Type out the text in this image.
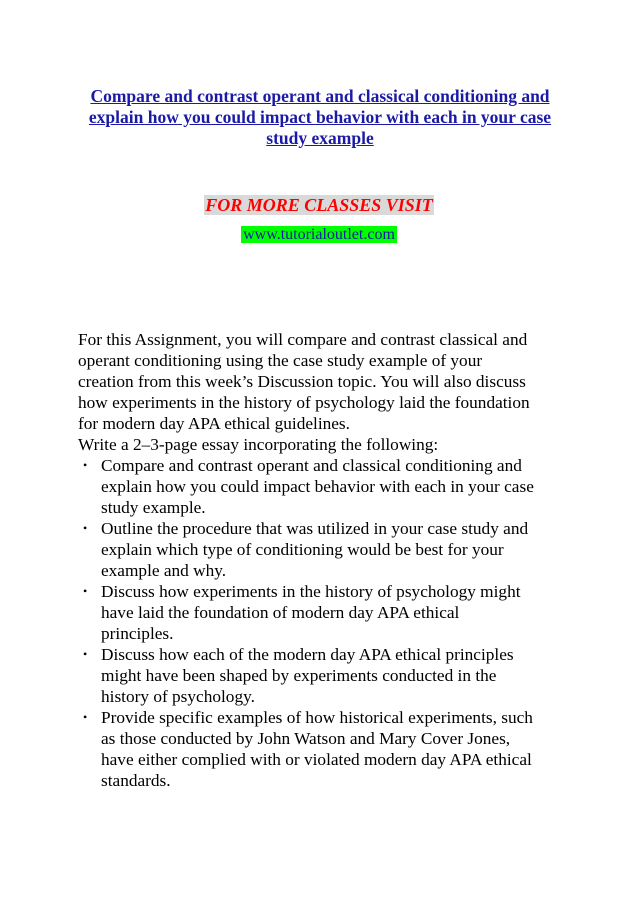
Compare and contrast operant and classical conditioning and
explain how you could impact behavior with each in your case
study example
FOR MORE CLASSES VISIT
www.tutorialoutlet.com
For this Assignment, you will compare and contrast classical and
operant conditioning using the case study example of your
creation from this week’s Discussion topic. You will also discuss
how experiments in the history of psychology laid the foundation
for modern day APA ethical guidelines.
Write a 2–3-page essay incorporating the following:
• Compare and contrast operant and classical conditioning and
explain how you could impact behavior with each in your case
study example.
• Outline the procedure that was utilized in your case study and
explain which type of conditioning would be best for your
example and why.
• Discuss how experiments in the history of psychology might
have laid the foundation of modern day APA ethical
principles.
• Discuss how each of the modern day APA ethical principles
might have been shaped by experiments conducted in the
history of psychology.
• Provide specific examples of how historical experiments, such
as those conducted by John Watson and Mary Cover Jones,
have either complied with or violated modern day APA ethical
standards.
